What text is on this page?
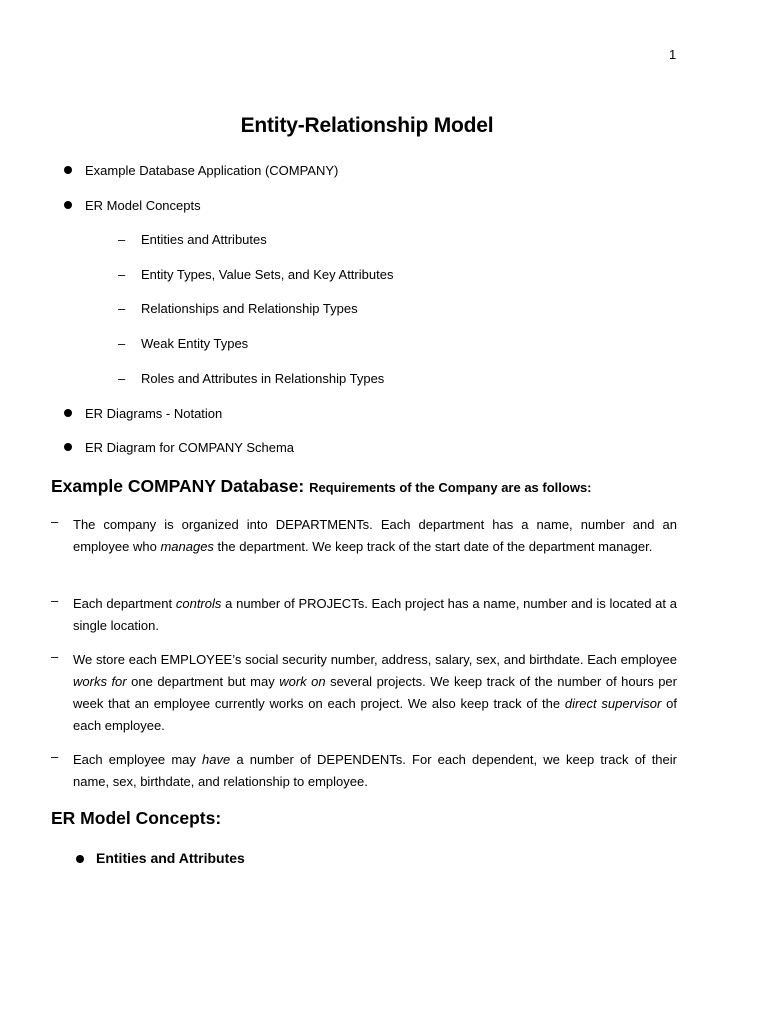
1
Entity-Relationship Model
Example Database Application (COMPANY)
ER Model Concepts
– Entities and Attributes
– Entity Types, Value Sets, and Key Attributes
– Relationships and Relationship Types
– Weak Entity Types
– Roles and Attributes in Relationship Types
ER Diagrams - Notation
ER Diagram for COMPANY Schema
Example COMPANY Database: Requirements of the Company are as follows:
– The company is organized into DEPARTMENTs. Each department has a name, number and an employee who manages the department. We keep track of the start date of the department manager.

– Each department controls a number of PROJECTs. Each project has a name, number and is located at a single location.

– We store each EMPLOYEE’s social security number, address, salary, sex, and birthdate. Each employee works for one department but may work on several projects. We keep track of the number of hours per week that an employee currently works on each project. We also keep track of the direct supervisor of each employee.

– Each employee may have a number of DEPENDENTs. For each dependent, we keep track of their name, sex, birthdate, and relationship to employee.

ER Model Concepts:
Entities and Attributes
